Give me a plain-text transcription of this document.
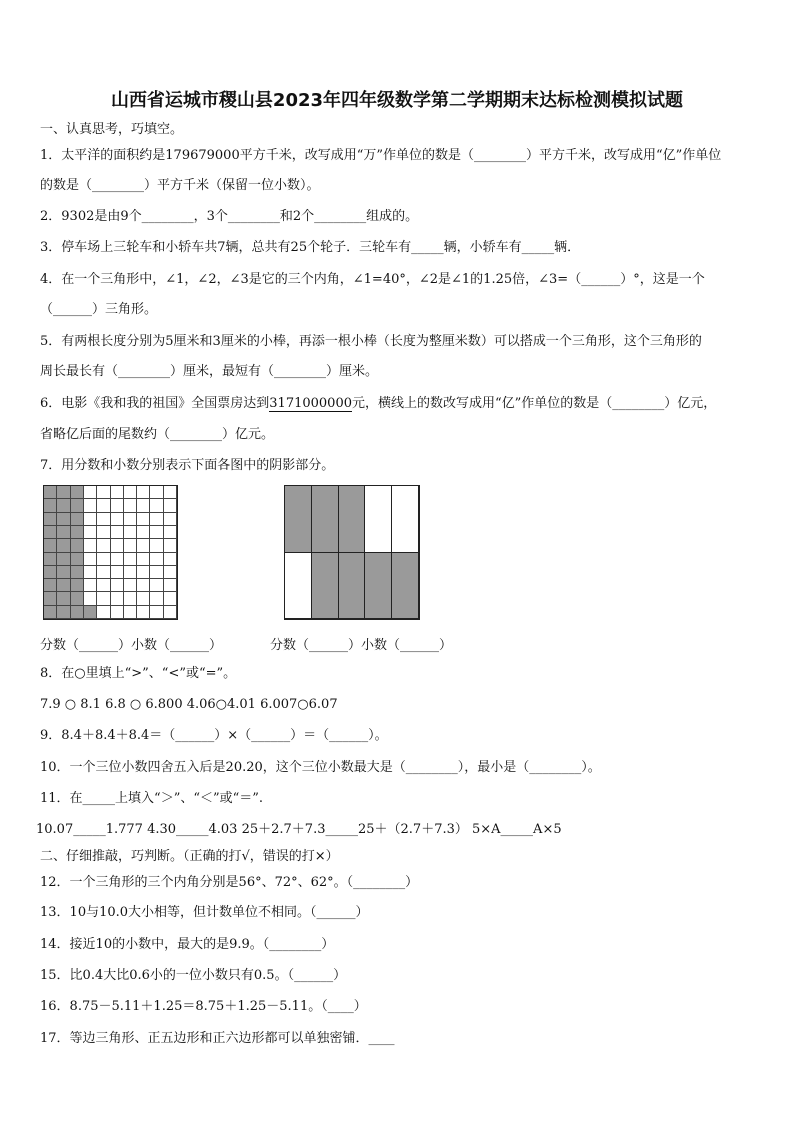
山西省运城市稷山县2023年四年级数学第二学期期末达标检测模拟试题
一、认真思考，巧填空。
1．太平洋的面积约是179679000平方千米，改写成用“万”作单位的数是（________）平方千米，改写成用“亿”作单位
的数是（________）平方千米（保留一位小数）。
2．9302是由9个________，3个________和2个________组成的。
3．停车场上三轮车和小轿车共7辆，总共有25个轮子．三轮车有_____辆，小轿车有_____辆．
4．在一个三角形中，∠1，∠2，∠3是它的三个内角，∠1=40°，∠2是∠1的1.25倍，∠3=（______）°，这是一个
（______）三角形。
5．有两根长度分别为5厘米和3厘米的小棒，再添一根小棒（长度为整厘米数）可以搭成一个三角形，这个三角形的
周长最长有（________）厘米，最短有（________）厘米。
6．电影《我和我的祖国》全国票房达到3171000000元，横线上的数改写成用“亿”作单位的数是（________）亿元，
省略亿后面的尾数约（________）亿元。
7．用分数和小数分别表示下面各图中的阴影部分。
分数（______）小数（______）	分数（______）小数（______）
8．在○里填上“>”、“<”或“=”。
7.9 ○ 8.1 6.8 ○ 6.800 4.06○4.01 6.007○6.07
9．8.4＋8.4＋8.4＝（______）×（______）＝（______）。
10．一个三位小数四舍五入后是20.20，这个三位小数最大是（________），最小是（________）。
11．在_____上填入“＞”、“＜”或“＝”.
10.07_____1.777 4.30_____4.03 25＋2.7＋7.3_____25＋（2.7＋7.3） 5×A_____A×5
二、仔细推敲，巧判断。（正确的打√，错误的打×）
12．一个三角形的三个内角分别是56°、72°、62°。（________）
13．10与10.0大小相等，但计数单位不相同。（______）
14．接近10的小数中，最大的是9.9。（________）
15．比0.4大比0.6小的一位小数只有0.5。（______）
16．8.75－5.11＋1.25＝8.75＋1.25－5.11。（____）
17．等边三角形、正五边形和正六边形都可以单独密铺．____
